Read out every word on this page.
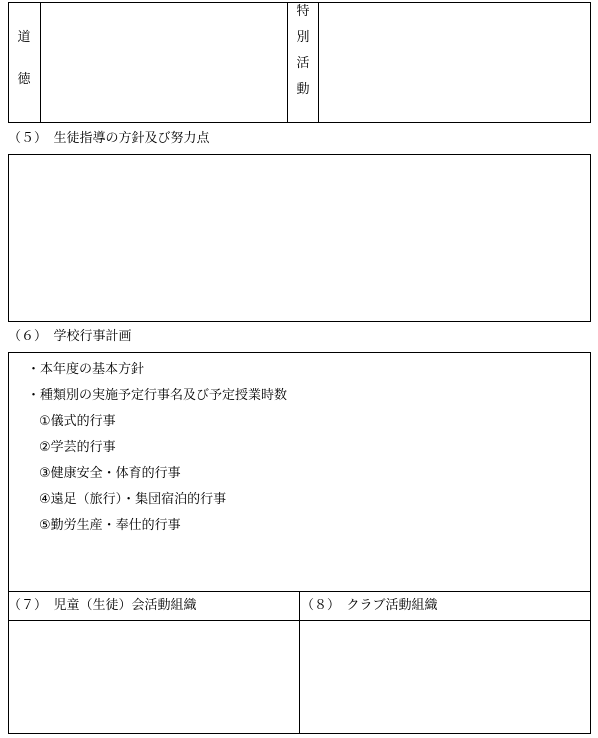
道
徳
特
別
活
動
（５）　生徒指導の方針及び努力点
（６）　学校行事計画
・本年度の基本方針
・種類別の実施予定行事名及び予定授業時数
①儀式的行事
②学芸的行事
③健康安全・体育的行事
④遠足（旅行）・集団宿泊的行事
⑤勤労生産・奉仕的行事
（７）　児童（生徒）会活動組織	（８）　クラブ活動組織
